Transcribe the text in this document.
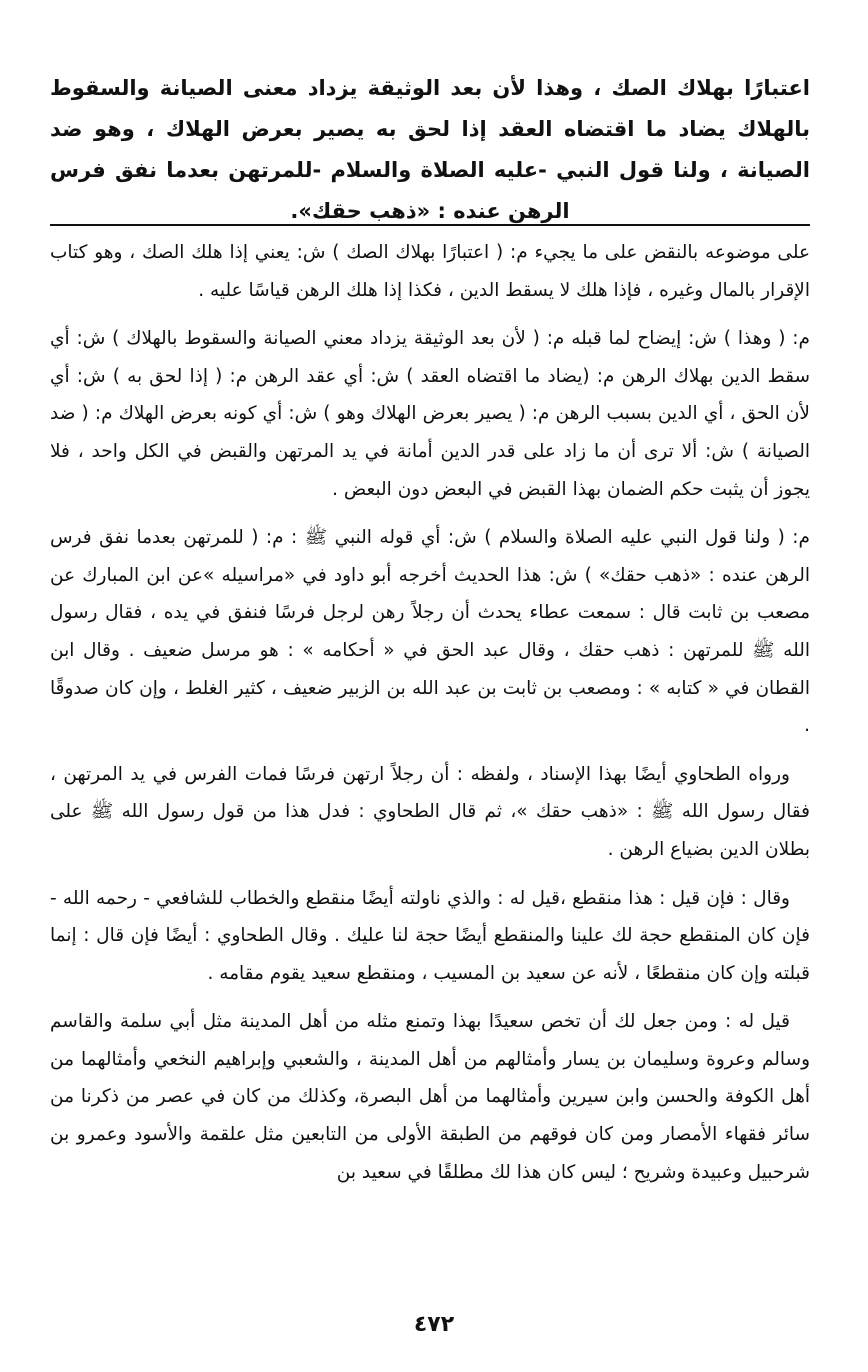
اعتبارًا بهلاك الصك ، وهذا لأن بعد الوثيقة يزداد معنى الصيانة والسقوط بالهلاك يضاد ما اقتضاه العقد إذا لحق به يصير بعرض الهلاك ، وهو ضد الصيانة ، ولنا قول النبي -عليه الصلاة والسلام -للمرتهن بعدما نفق فرس الرهن عنده : «ذهب حقك».

على موضوعه بالنقض على ما يجيء م: ( اعتبارًا بهلاك الصك ) ش: يعني إذا هلك الصك ، وهو كتاب الإقرار بالمال وغيره ، فإذا هلك لا يسقط الدين ، فكذا إذا هلك الرهن قياسًا عليه .

م: ( وهذا ) ش: إيضاح لما قبله م: ( لأن بعد الوثيقة يزداد معني الصيانة والسقوط بالهلاك ) ش: أي سقط الدين بهلاك الرهن م: (يضاد ما اقتضاه العقد ) ش: أي عقد الرهن م: ( إذا لحق به ) ش: أي لأن الحق ، أي الدين بسبب الرهن م: ( يصير بعرض الهلاك وهو ) ش: أي كونه بعرض الهلاك م: ( ضد الصيانة ) ش: ألا ترى أن ما زاد على قدر الدين أمانة في يد المرتهن والقبض في الكل واحد ، فلا يجوز أن يثبت حكم الضمان بهذا القبض في البعض دون البعض .

م: ( ولنا قول النبي عليه الصلاة والسلام ) ش: أي قوله النبي ﷺ : م: ( للمرتهن بعدما نفق فرس الرهن عنده : «ذهب حقك» ) ش: هذا الحديث أخرجه أبو داود في «مراسيله »عن ابن المبارك عن مصعب بن ثابت قال : سمعت عطاء يحدث أن رجلاً رهن لرجل فرسًا فنفق في يده ، فقال رسول الله ﷺ للمرتهن : ذهب حقك ، وقال عبد الحق في « أحكامه » : هو مرسل ضعيف . وقال ابن القطان في « كتابه » : ومصعب بن ثابت بن عبد الله بن الزبير ضعيف ، كثير الغلط ، وإن كان صدوقًا .

ورواه الطحاوي أيضًا بهذا الإسناد ، ولفظه : أن رجلاً ارتهن فرسًا فمات الفرس في يد المرتهن ، فقال رسول الله ﷺ : «ذهب حقك »، ثم قال الطحاوي : فدل هذا من قول رسول الله ﷺ على بطلان الدين بضياع الرهن .

وقال : فإن قيل : هذا منقطع ،قيل له : والذي ناولته أيضًا منقطع والخطاب للشافعي - رحمه الله - فإن كان المنقطع حجة لك علينا والمنقطع أيضًا حجة لنا عليك . وقال الطحاوي : أيضًا فإن قال : إنما قبلته وإن كان منقطعًا ، لأنه عن سعيد بن المسيب ، ومنقطع سعيد يقوم مقامه .

قيل له : ومن جعل لك أن تخص سعيدًا بهذا وتمنع مثله من أهل المدينة مثل أبي سلمة والقاسم وسالم وعروة وسليمان بن يسار وأمثالهم من أهل المدينة ، والشعبي وإبراهيم النخعي وأمثالهما من أهل الكوفة والحسن وابن سيرين وأمثالهما من أهل البصرة، وكذلك من كان في عصر من ذكرنا من سائر فقهاء الأمصار ومن كان فوقهم من الطبقة الأولى من التابعين مثل علقمة والأسود وعمرو بن شرحبيل وعبيدة وشريح ؛ ليس كان هذا لك مطلقًا في سعيد بن

٤٧٢
